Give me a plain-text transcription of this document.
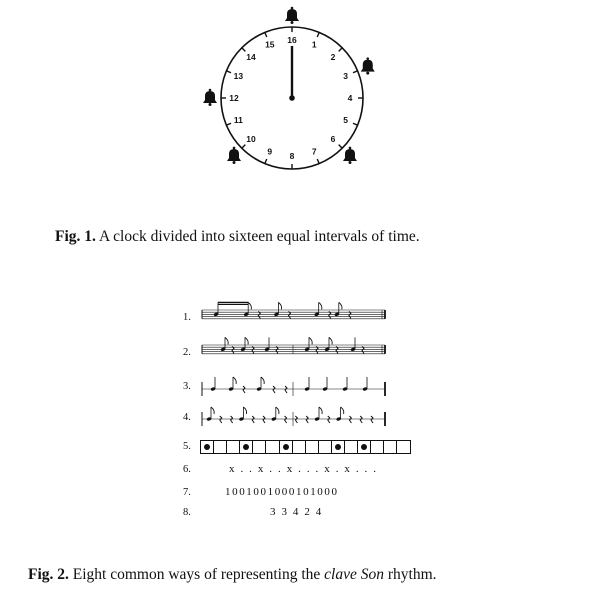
16 1
2
3
4
5
6
7
8
9
10
11
12
13
14
15
Fig. 1. A clock divided into sixteen equal intervals of time.
1.
2.
3.
4.
5.
6.
7.
8.
x . . x . . x . . . x . x . . .
1001001000101000
3 3 4 2 4
Fig. 2. Eight common ways of representing the clave Son rhythm.
